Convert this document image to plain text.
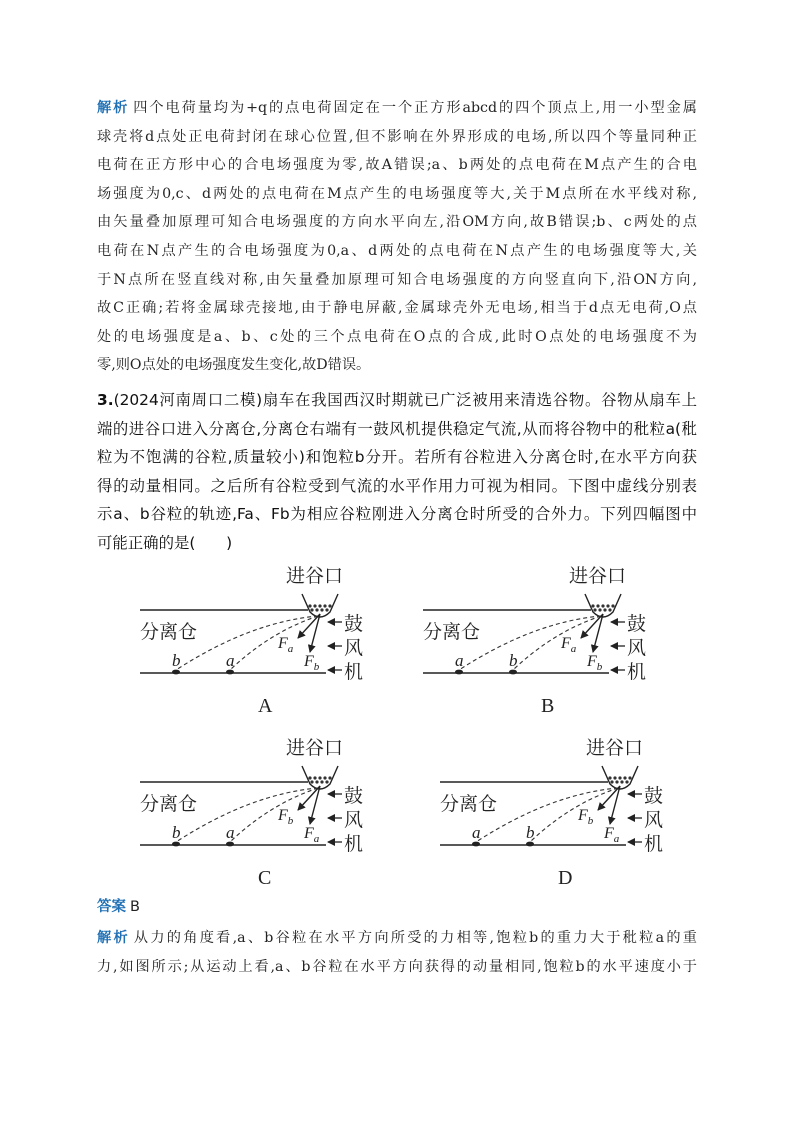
解析 四个电荷量均为+q的点电荷固定在一个正方形abcd的四个顶点上,用一小型金属
球壳将d点处正电荷封闭在球心位置,但不影响在外界形成的电场,所以四个等量同种正
电荷在正方形中心的合电场强度为零,故A错误;a、b两处的点电荷在M点产生的合电
场强度为0,c、d两处的点电荷在M点产生的电场强度等大,关于M点所在水平线对称,
由矢量叠加原理可知合电场强度的方向水平向左,沿OM方向,故B错误;b、c两处的点
电荷在N点产生的合电场强度为0,a、d两处的点电荷在N点产生的电场强度等大,关
于N点所在竖直线对称,由矢量叠加原理可知合电场强度的方向竖直向下,沿ON方向,
故C正确;若将金属球壳接地,由于静电屏蔽,金属球壳外无电场,相当于d点无电荷,O点
处的电场强度是a、b、c处的三个点电荷在O点的合成,此时O点处的电场强度不为
零,则O点处的电场强度发生变化,故D错误。
3.(2024河南周口二模)扇车在我国西汉时期就已广泛被用来清选谷物。谷物从扇车上
端的进谷口进入分离仓,分离仓右端有一鼓风机提供稳定气流,从而将谷物中的秕粒a(秕
粒为不饱满的谷粒,质量较小)和饱粒b分开。若所有谷粒进入分离仓时,在水平方向获
得的动量相同。之后所有谷粒受到气流的水平作用力可视为相同。下图中虚线分别表
示a、b谷粒的轨迹,Fa、Fb为相应谷粒刚进入分离仓时所受的合外力。下列四幅图中
可能正确的是(　　)
进谷口
分离仓	鼓
风
机
b	a
$F_a$
$F_b$
A
进谷口
分离仓	鼓
风
机
a	b
$F_a$
$F_b$
B
进谷口
分离仓	鼓
风
机
b	a
$F_b$
$F_a$
C
进谷口
分离仓	鼓
风
机
a	b
$F_b$
$F_a$
D
答案 B
解析 从力的角度看,a、b谷粒在水平方向所受的力相等,饱粒b的重力大于秕粒a的重
力,如图所示;从运动上看,a、b谷粒在水平方向获得的动量相同,饱粒b的水平速度小于
